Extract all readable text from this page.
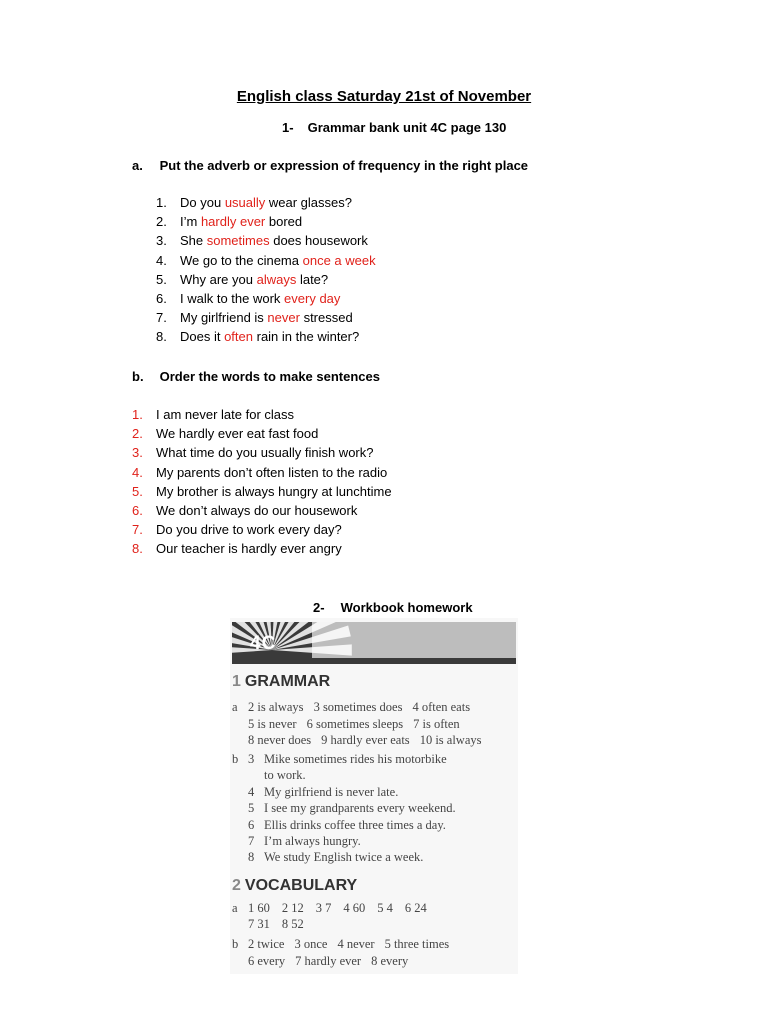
English class Saturday 21st of November
1- Grammar bank unit 4C page 130
a. Put the adverb or expression of frequency in the right place
1. Do you usually wear glasses?
2. I’m hardly ever bored
3. She sometimes does housework
4. We go to the cinema once a week
5. Why are you always late?
6. I walk to the work every day
7. My girlfriend is never stressed
8. Does it often rain in the winter?
b. Order the words to make sentences
1. I am never late for class
2. We hardly ever eat fast food
3. What time do you usually finish work?
4. My parents don’t often listen to the radio
5. My brother is always hungry at lunchtime
6. We don’t always do our housework
7. Do you drive to work every day?
8. Our teacher is hardly ever angry
2- Workbook homework
4C
1 GRAMMAR
2 VOCABULARY
a 2 is always 3 sometimes does 4 often eats
5 is never 6 sometimes sleeps 7 is often
8 never does 9 hardly ever eats 10 is always
b 3 Mike sometimes rides his motorbike
to work.
4 My girlfriend is never late.
5 I see my grandparents every weekend.
6 Ellis drinks coffee three times a day.
7 I’m always hungry.
8 We study English twice a week.
a 1 60 2 12 3 7 4 60 5 4 6 24
7 31 8 52
b 2 twice 3 once 4 never 5 three times
6 every 7 hardly ever 8 every
